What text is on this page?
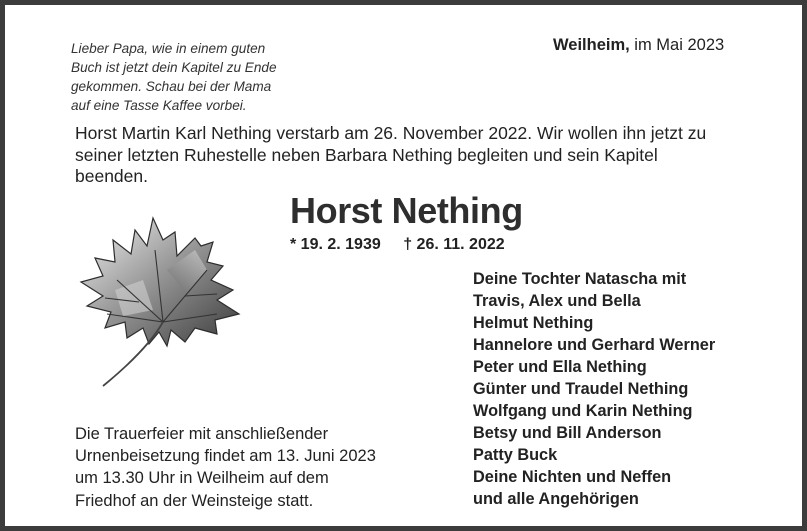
Lieber Papa, wie in einem guten
Buch ist jetzt dein Kapitel zu Ende
gekommen. Schau bei der Mama
auf eine Tasse Kaffee vorbei.
Weilheim, im Mai 2023
Horst Martin Karl Nething verstarb am 26. November 2022. Wir wollen ihn jetzt zu
seiner letzten Ruhestelle neben Barbara Nething begleiten und sein Kapitel
beenden.
Horst Nething
* 19. 2. 1939 † 26. 11. 2022
Deine Tochter Natascha mit
Travis, Alex und Bella
Helmut Nething
Hannelore und Gerhard Werner
Peter und Ella Nething
Günter und Traudel Nething
Wolfgang und Karin Nething
Betsy und Bill Anderson
Patty Buck
Deine Nichten und Neffen
und alle Angehörigen
Die Trauerfeier mit anschließender
Urnenbeisetzung findet am 13. Juni 2023
um 13.30 Uhr in Weilheim auf dem
Friedhof an der Weinsteige statt.
